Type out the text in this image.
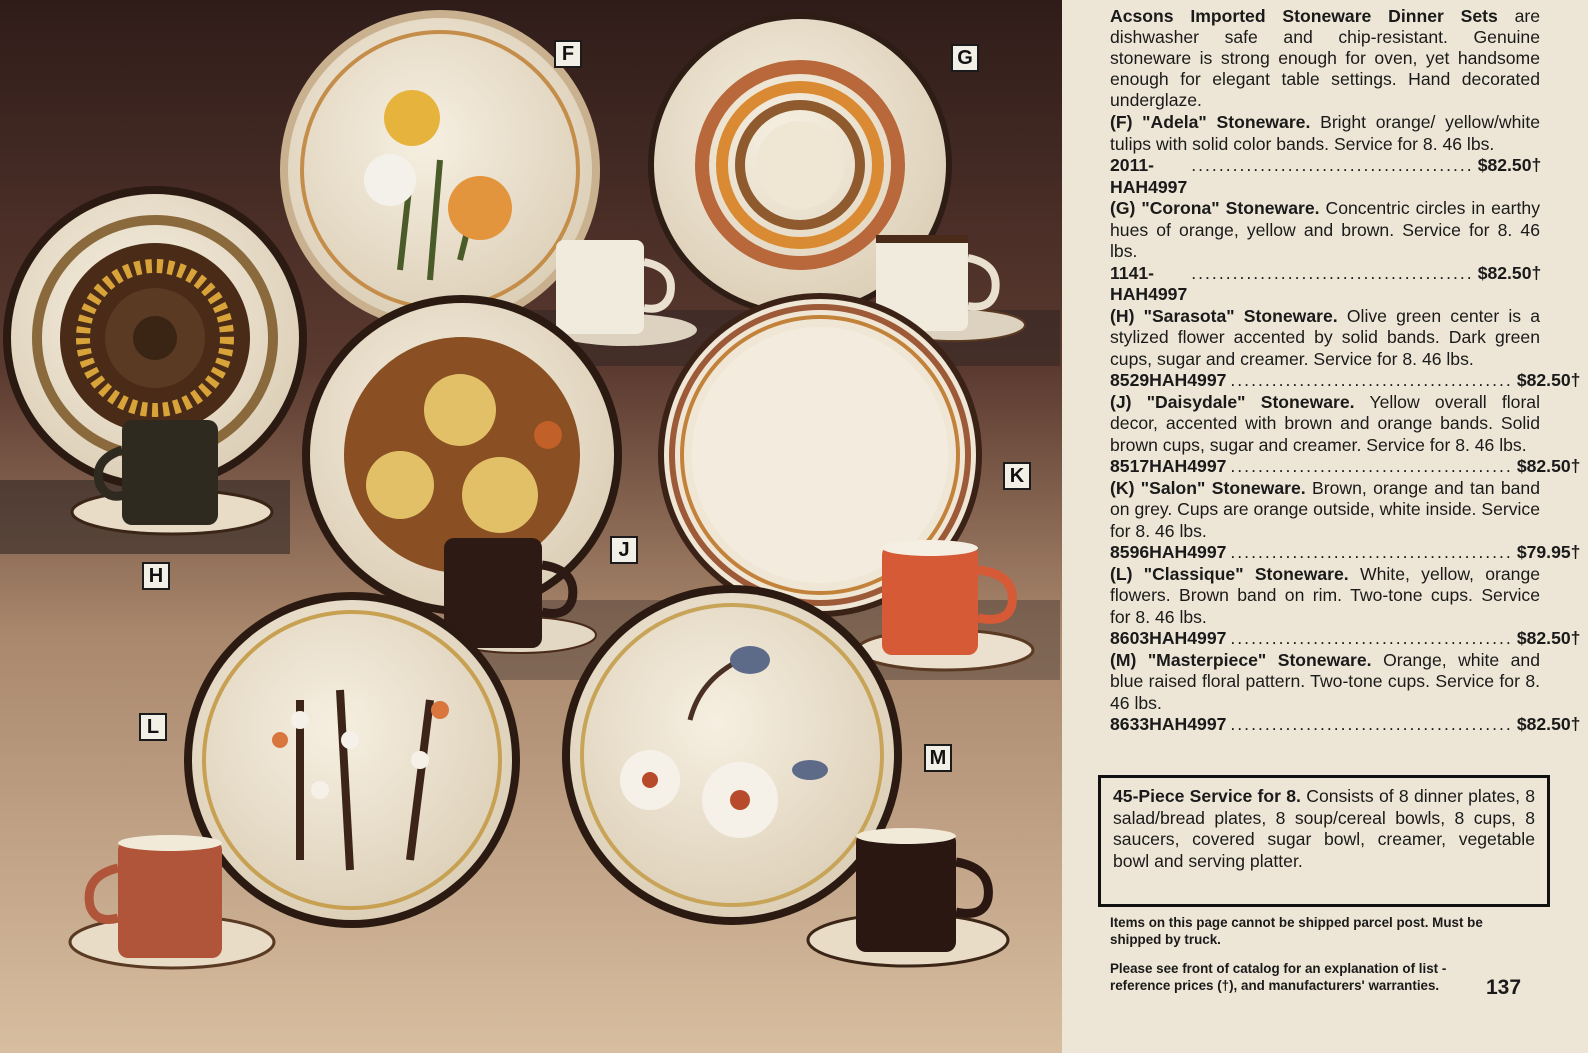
F	G
H
J
K
L
M

Acsons Imported Stoneware Dinner Sets are dishwasher safe and chip-resistant. Genuine stoneware is strong enough for oven, yet handsome enough for elegant table settings. Hand decorated underglaze.

(F) "Adela" Stoneware. Bright orange/ yellow/white tulips with solid color bands. Service for 8. 46 lbs.

2011-HAH4997
......................................... $82.50†

(G) "Corona" Stoneware. Concentric circles in earthy hues of orange, yellow and brown. Service for 8. 46 lbs.

1141-HAH4997
......................................... $82.50†

(H) "Sarasota" Stoneware. Olive green center is a stylized flower accented by solid bands. Dark green cups, sugar and creamer. Service for 8. 46 lbs.

8529HAH4997 ......................................... $82.50†

(J) "Daisydale" Stoneware. Yellow overall floral decor, accented with brown and orange bands. Solid brown cups, sugar and creamer. Service for 8. 46 lbs.

8517HAH4997 ......................................... $82.50†

(K) "Salon" Stoneware. Brown, orange and tan band on grey. Cups are orange outside, white inside. Service for 8. 46 lbs.

8596HAH4997 ......................................... $79.95†

(L) "Classique" Stoneware. White, yellow, orange flowers. Brown band on rim. Two-tone cups. Service for 8. 46 lbs.

8603HAH4997 ......................................... $82.50†

(M) "Masterpiece" Stoneware. Orange, white and blue raised floral pattern. Two-tone cups. Service for 8. 46 lbs.

8633HAH4997 ......................................... $82.50†
45-Piece Service for 8. Consists of 8 dinner plates, 8 salad/bread plates, 8 soup/cereal bowls, 8 cups, 8 saucers, covered sugar bowl, creamer, vegetable bowl and serving platter.

Items on this page cannot be shipped parcel post. Must be shipped by truck.

Please see front of catalog for an explanation of list - reference prices (†), and manufacturers' warranties.	137
